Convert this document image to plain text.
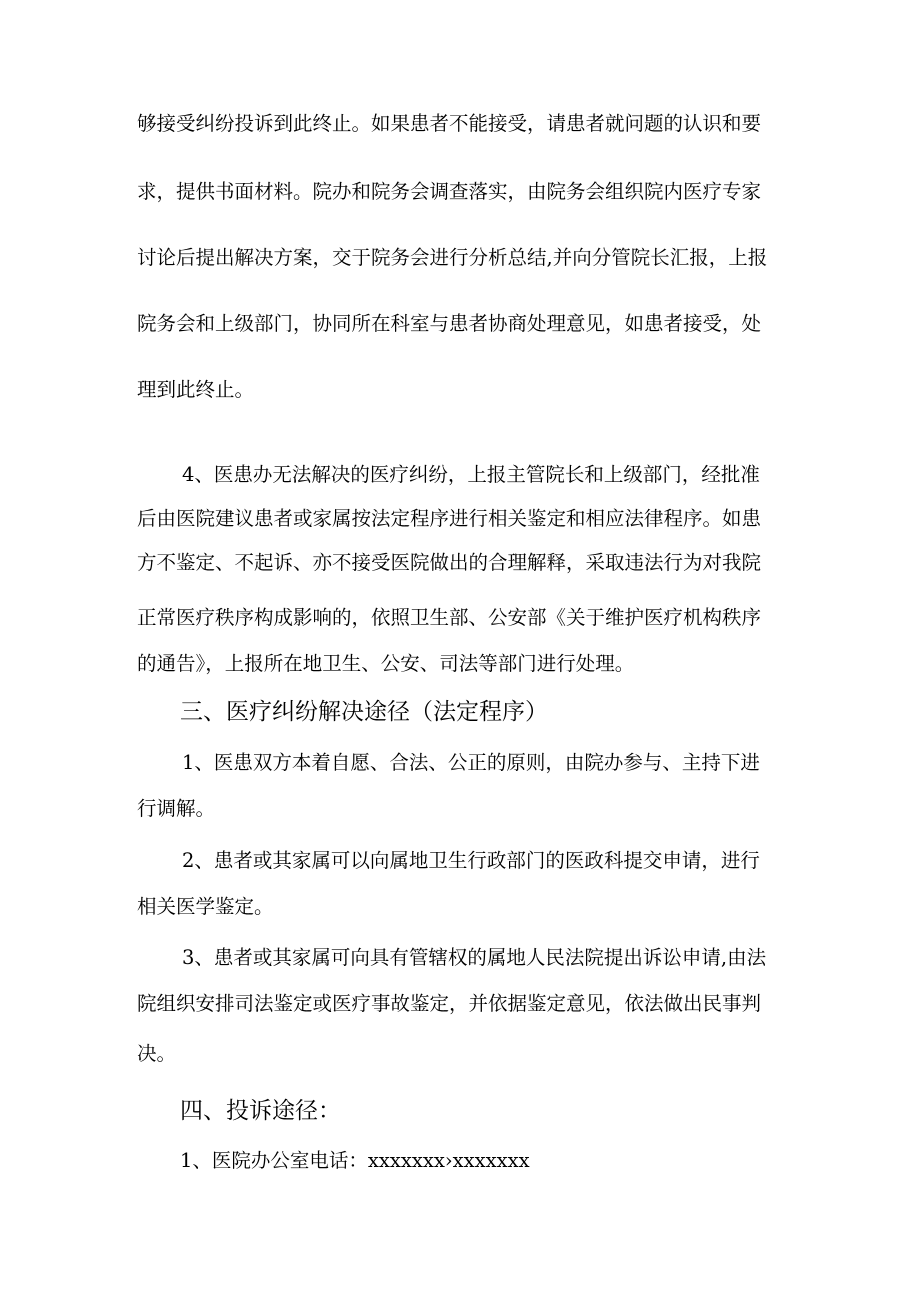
够接受纠纷投诉到此终止。如果患者不能接受，请患者就问题的认识和要
求，提供书面材料。院办和院务会调查落实，由院务会组织院内医疗专家
讨论后提出解决方案，交于院务会进行分析总结,并向分管院长汇报，上报
院务会和上级部门，协同所在科室与患者协商处理意见，如患者接受，处
理到此终止。
4、医患办无法解决的医疗纠纷，上报主管院长和上级部门，经批准
后由医院建议患者或家属按法定程序进行相关鉴定和相应法律程序。如患
方不鉴定、不起诉、亦不接受医院做出的合理解释，采取违法行为对我院
正常医疗秩序构成影响的，依照卫生部、公安部《关于维护医疗机构秩序
的通告》，上报所在地卫生、公安、司法等部门进行处理。
三、医疗纠纷解决途径（法定程序）
1、医患双方本着自愿、合法、公正的原则，由院办参与、主持下进
行调解。
2、患者或其家属可以向属地卫生行政部门的医政科提交申请，进行
相关医学鉴定。
3、患者或其家属可向具有管辖权的属地人民法院提出诉讼申请,由法
院组织安排司法鉴定或医疗事故鉴定，并依据鉴定意见，依法做出民事判
决。
四、投诉途径：
1、医院办公室电话：xxxxxxx›xxxxxxx
